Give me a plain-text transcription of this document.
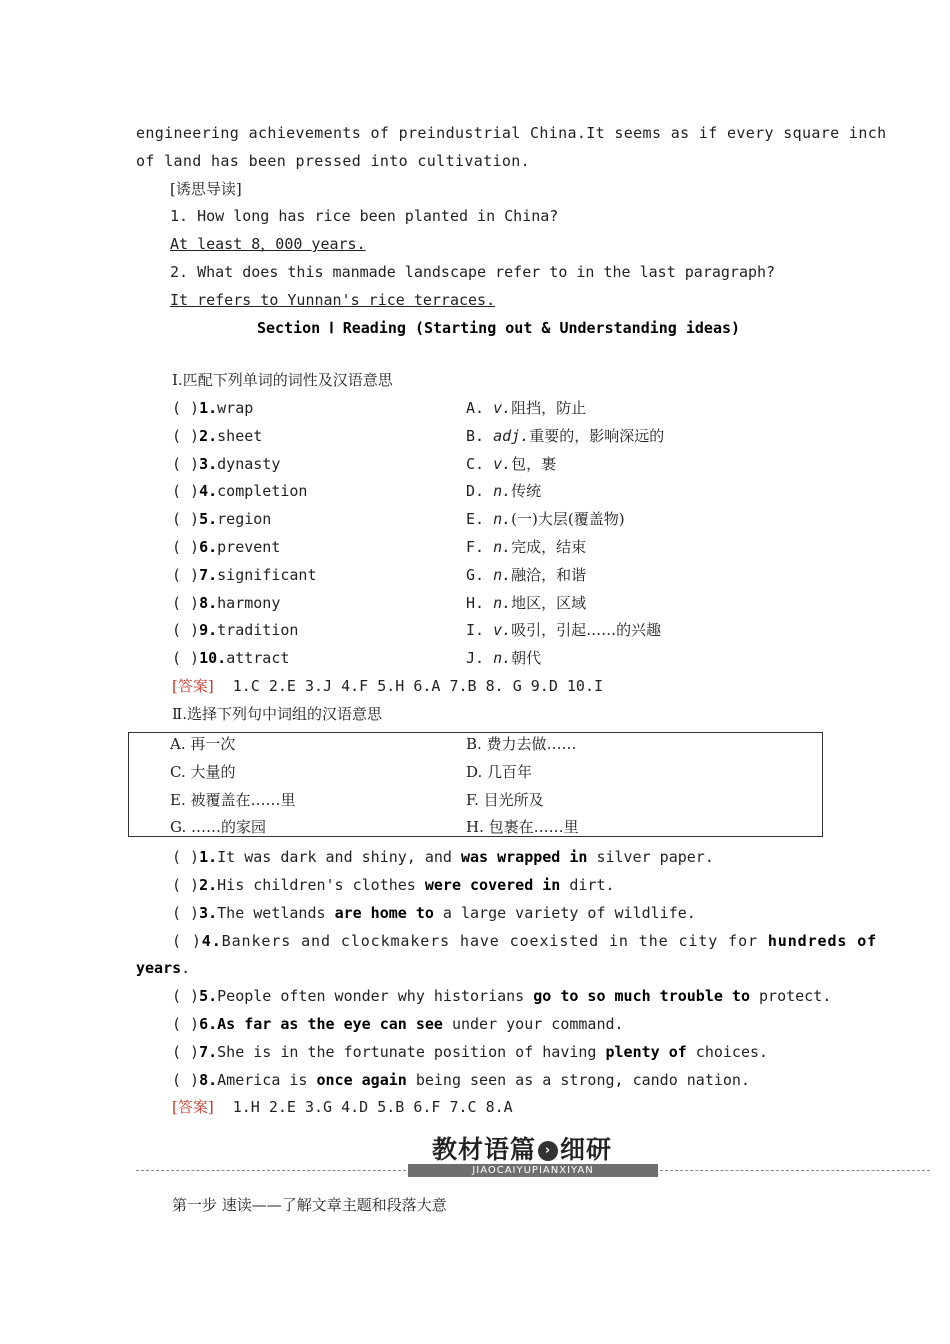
engineering achievements of preindustrial China.It seems as if every square inch
of land has been pressed into cultivation.
[诱思导读]
1. How long has rice been planted in China?
At least 8，000 years.
2. What does this manmade landscape refer to in the last paragraph?
It refers to Yunnan's rice terraces.
Section Ⅰ Reading (Starting out & Understanding ideas)
Ⅰ.匹配下列单词的词性及汉语意思
( )1.wrap	A. v.阻挡，防止
( )2.sheet	B. adj.重要的，影响深远的
( )3.dynasty	C. v.包，裹
( )4.completion	D. n.传统
( )5.region	E. n.(一)大层(覆盖物)
( )6.prevent	F. n.完成，结束
( )7.significant	G. n.融洽，和谐
( )8.harmony	H. n.地区，区域
( )9.tradition	I. v.吸引，引起……的兴趣
( )10.attract	J. n.朝代
[答案] 1.C 2.E 3.J 4.F 5.H 6.A 7.B 8. G 9.D 10.I
Ⅱ.选择下列句中词组的汉语意思
A. 再一次	B. 费力去做……
C. 大量的	D. 几百年
E. 被覆盖在……里	F. 目光所及
G. ……的家园	H. 包裹在……里
( )1.It was dark and shiny, and was wrapped in silver paper.
( )2.His children's clothes were covered in dirt.
( )3.The wetlands are home to a large variety of wildlife.
( )4.Bankers and clockmakers have coexisted in the city for hundreds of
( )5.People often wonder why historians go to so much trouble to protect.
( )6.As far as the eye can see under your command.
( )7.She is in the fortunate position of having plenty of choices.
( )8.America is once again being seen as a strong, cando nation.
years.
[答案] 1.H 2.E 3.G 4.D 5.B 6.F 7.C 8.A
教材语篇 › 细研
JIAOCAIYUPIANXIYAN
第一步 速读——了解文章主题和段落大意
